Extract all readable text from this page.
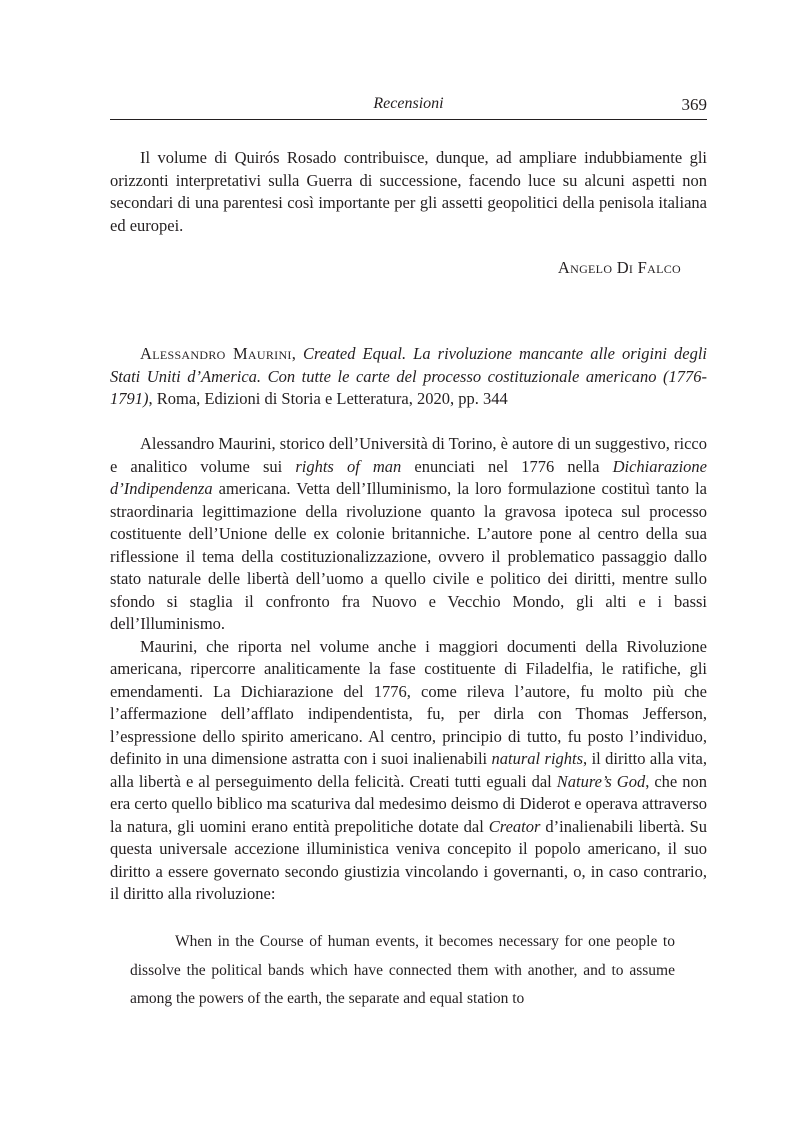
Recensioni	369

Il volume di Quirós Rosado contribuisce, dunque, ad ampliare indubbiamente gli orizzonti interpretativi sulla Guerra di successione, facendo luce su alcuni aspetti non secondari di una parentesi così importante per gli assetti geopolitici della penisola italiana ed europei.

Angelo Di Falco

Alessandro Maurini, Created Equal. La rivoluzione mancante alle origini degli Stati Uniti d’America. Con tutte le carte del processo costituzionale americano (1776-1791), Roma, Edizioni di Storia e Letteratura, 2020, pp. 344

Alessandro Maurini, storico dell’Università di Torino, è autore di un suggestivo, ricco e analitico volume sui rights of man enunciati nel 1776 nella Dichiarazione d’Indipendenza americana. Vetta dell’Illuminismo, la loro formulazione costituì tanto la straordinaria legittimazione della rivoluzione quanto la gravosa ipoteca sul processo costituente dell’Unione delle ex colonie britanniche. L’autore pone al centro della sua riflessione il tema della costituzionalizzazione, ovvero il problematico passaggio dallo stato naturale delle libertà dell’uomo a quello civile e politico dei diritti, mentre sullo sfondo si staglia il confronto fra Nuovo e Vecchio Mondo, gli alti e i bassi dell’Illuminismo.

Maurini, che riporta nel volume anche i maggiori documenti della Rivoluzione americana, ripercorre analiticamente la fase costituente di Filadelfia, le ratifiche, gli emendamenti. La Dichiarazione del 1776, come rileva l’autore, fu molto più che l’affermazione dell’afflato indipendentista, fu, per dirla con Thomas Jefferson, l’espressione dello spirito americano. Al centro, principio di tutto, fu posto l’individuo, definito in una dimensione astratta con i suoi inalienabili natural rights, il diritto alla vita, alla libertà e al perseguimento della felicità. Creati tutti eguali dal Nature’s God, che non era certo quello biblico ma scaturiva dal medesimo deismo di Diderot e operava attraverso la natura, gli uomini erano entità prepolitiche dotate dal Creator d’inalienabili libertà. Su questa universale accezione illuministica veniva concepito il popolo americano, il suo diritto a essere governato secondo giustizia vincolando i governanti, o, in caso contrario, il diritto alla rivoluzione:

When in the Course of human events, it becomes necessary for one people to dissolve the political bands which have connected them with another, and to assume among the powers of the earth, the separate and equal station to
